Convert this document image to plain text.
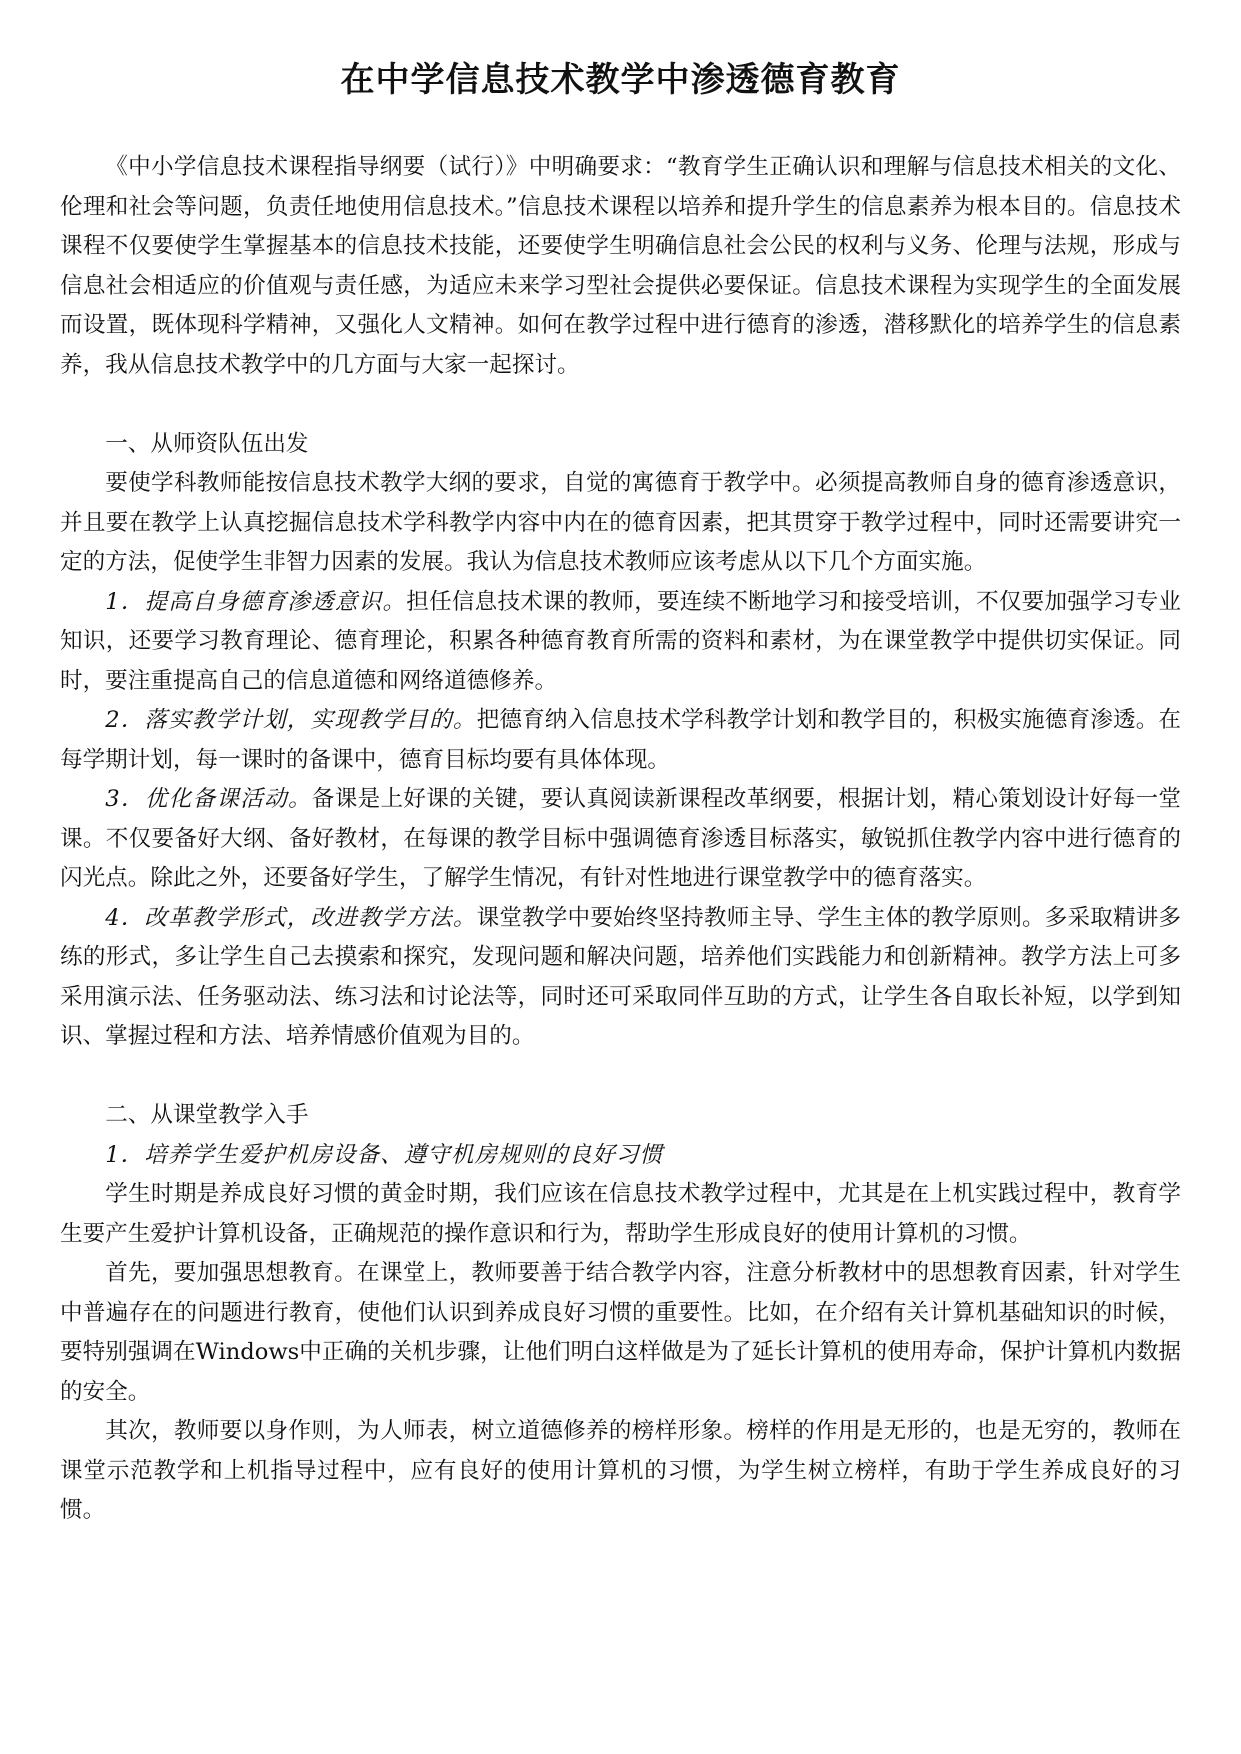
在中学信息技术教学中渗透德育教育

《中小学信息技术课程指导纲要（试行）》中明确要求：“教育学生正确认识和理解与信息技术相关的文化、伦理和社会等问题，负责任地使用信息技术。”信息技术课程以培养和提升学生的信息素养为根本目的。信息技术课程不仅要使学生掌握基本的信息技术技能，还要使学生明确信息社会公民的权利与义务、伦理与法规，形成与信息社会相适应的价值观与责任感，为适应未来学习型社会提供必要保证。信息技术课程为实现学生的全面发展而设置，既体现科学精神，又强化人文精神。如何在教学过程中进行德育的渗透，潜移默化的培养学生的信息素养，我从信息技术教学中的几方面与大家一起探讨。

一、从师资队伍出发

要使学科教师能按信息技术教学大纲的要求，自觉的寓德育于教学中。必须提高教师自身的德育渗透意识，并且要在教学上认真挖掘信息技术学科教学内容中内在的德育因素，把其贯穿于教学过程中，同时还需要讲究一定的方法，促使学生非智力因素的发展。我认为信息技术教师应该考虑从以下几个方面实施。

1．提高自身德育渗透意识。担任信息技术课的教师，要连续不断地学习和接受培训，不仅要加强学习专业知识，还要学习教育理论、德育理论，积累各种德育教育所需的资料和素材，为在课堂教学中提供切实保证。同时，要注重提高自己的信息道德和网络道德修养。

2．落实教学计划，实现教学目的。把德育纳入信息技术学科教学计划和教学目的，积极实施德育渗透。在每学期计划，每一课时的备课中，德育目标均要有具体体现。

3．优化备课活动。备课是上好课的关键，要认真阅读新课程改革纲要，根据计划，精心策划设计好每一堂课。不仅要备好大纲、备好教材，在每课的教学目标中强调德育渗透目标落实，敏锐抓住教学内容中进行德育的闪光点。除此之外，还要备好学生，了解学生情况，有针对性地进行课堂教学中的德育落实。

4．改革教学形式，改进教学方法。课堂教学中要始终坚持教师主导、学生主体的教学原则。多采取精讲多练的形式，多让学生自己去摸索和探究，发现问题和解决问题，培养他们实践能力和创新精神。教学方法上可多采用演示法、任务驱动法、练习法和讨论法等，同时还可采取同伴互助的方式，让学生各自取长补短，以学到知识、掌握过程和方法、培养情感价值观为目的。

二、从课堂教学入手

1．培养学生爱护机房设备、遵守机房规则的良好习惯

学生时期是养成良好习惯的黄金时期，我们应该在信息技术教学过程中，尤其是在上机实践过程中，教育学生要产生爱护计算机设备，正确规范的操作意识和行为，帮助学生形成良好的使用计算机的习惯。

首先，要加强思想教育。在课堂上，教师要善于结合教学内容，注意分析教材中的思想教育因素，针对学生中普遍存在的问题进行教育，使他们认识到养成良好习惯的重要性。比如，在介绍有关计算机基础知识的时候，要特别强调在Windows中正确的关机步骤，让他们明白这样做是为了延长计算机的使用寿命，保护计算机内数据的安全。

其次，教师要以身作则，为人师表，树立道德修养的榜样形象。榜样的作用是无形的，也是无穷的，教师在课堂示范教学和上机指导过程中，应有良好的使用计算机的习惯，为学生树立榜样，有助于学生养成良好的习惯。
